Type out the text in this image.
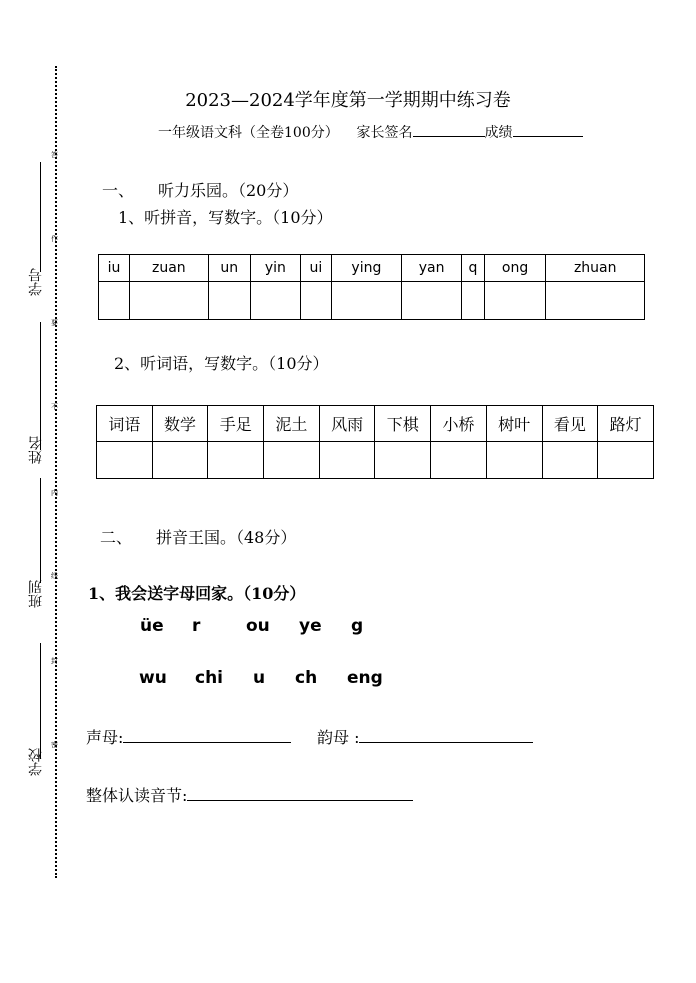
学号
姓名
班别
学校
答
作
要
不
内
线
封
密
2023—2024学年度第一学期期中练习卷
一年级语文科（全卷100分） 家长签名	成绩
一、　　听力乐园。（20分）
1、听拼音，写数字。（10分）
iu	zuan	un	yin	ui	ying	yan	q	ong	zhuan

2、听词语，写数字。（10分）
词语	数学	手足	泥土	风雨	下棋	小桥	树叶	看见	路灯

二、　　拼音王国。（48分）
1、我会送字母回家。（10分）
üe r	ou ye g
wu chi u ch eng
声母:	韵母 :
整体认读音节:
